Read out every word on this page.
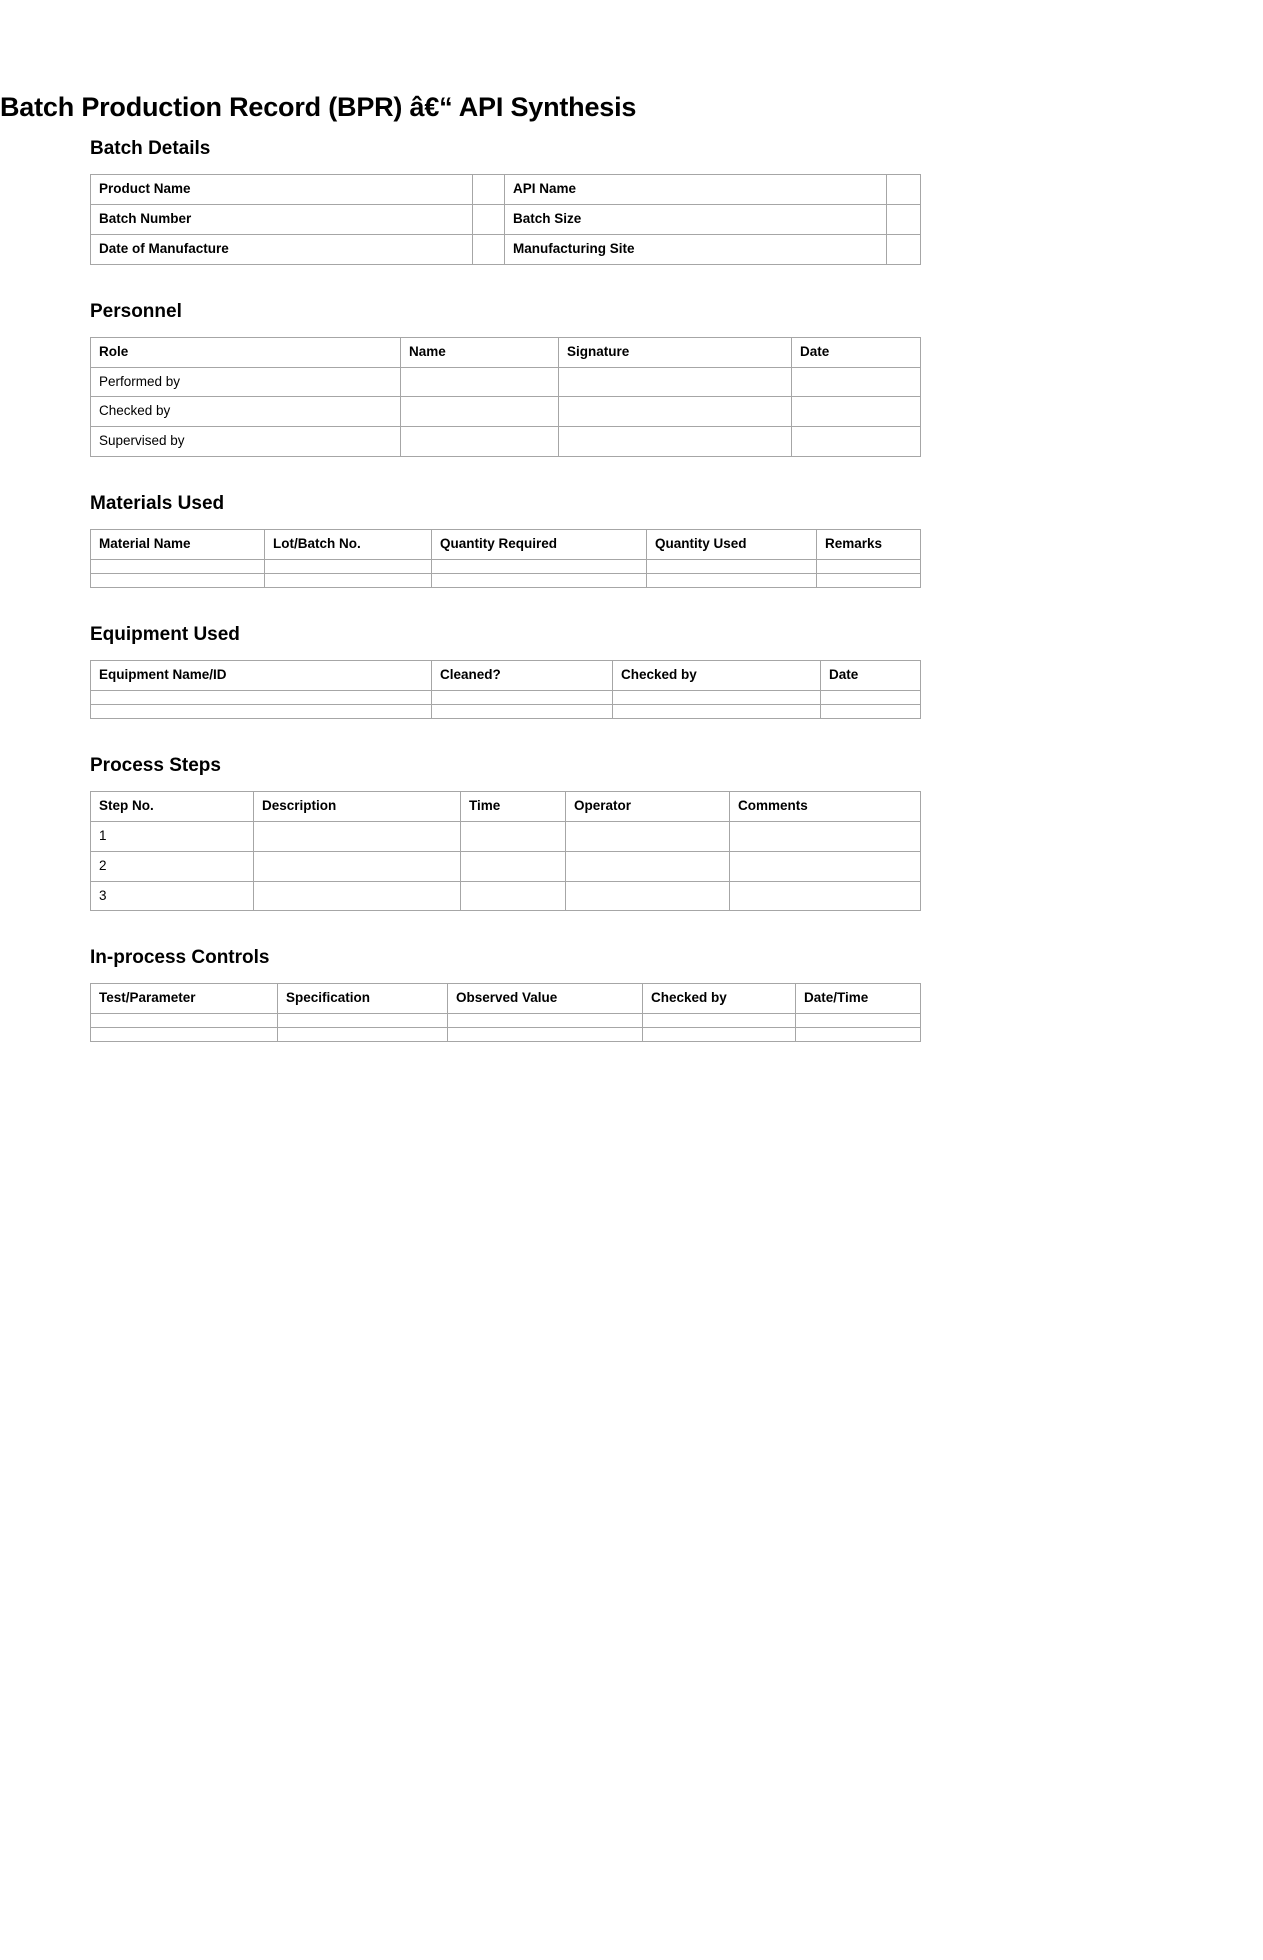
Batch Production Record (BPR) â€“ API Synthesis
Batch Details
Product Name		API Name	
Batch Number		Batch Size	
Date of Manufacture		Manufacturing Site	
Personnel
Role	Name	Signature	Date
Performed by			
Checked by			
Supervised by			
Materials Used
Material Name	Lot/Batch No.	Quantity Required	Quantity Used	Remarks

Equipment Used
Equipment Name/ID	Cleaned?	Checked by	Date

Process Steps
Step No.	Description	Time	Operator	Comments
1				
2				
3				
In-process Controls
Test/Parameter	Specification	Observed Value	Checked by	Date/Time
